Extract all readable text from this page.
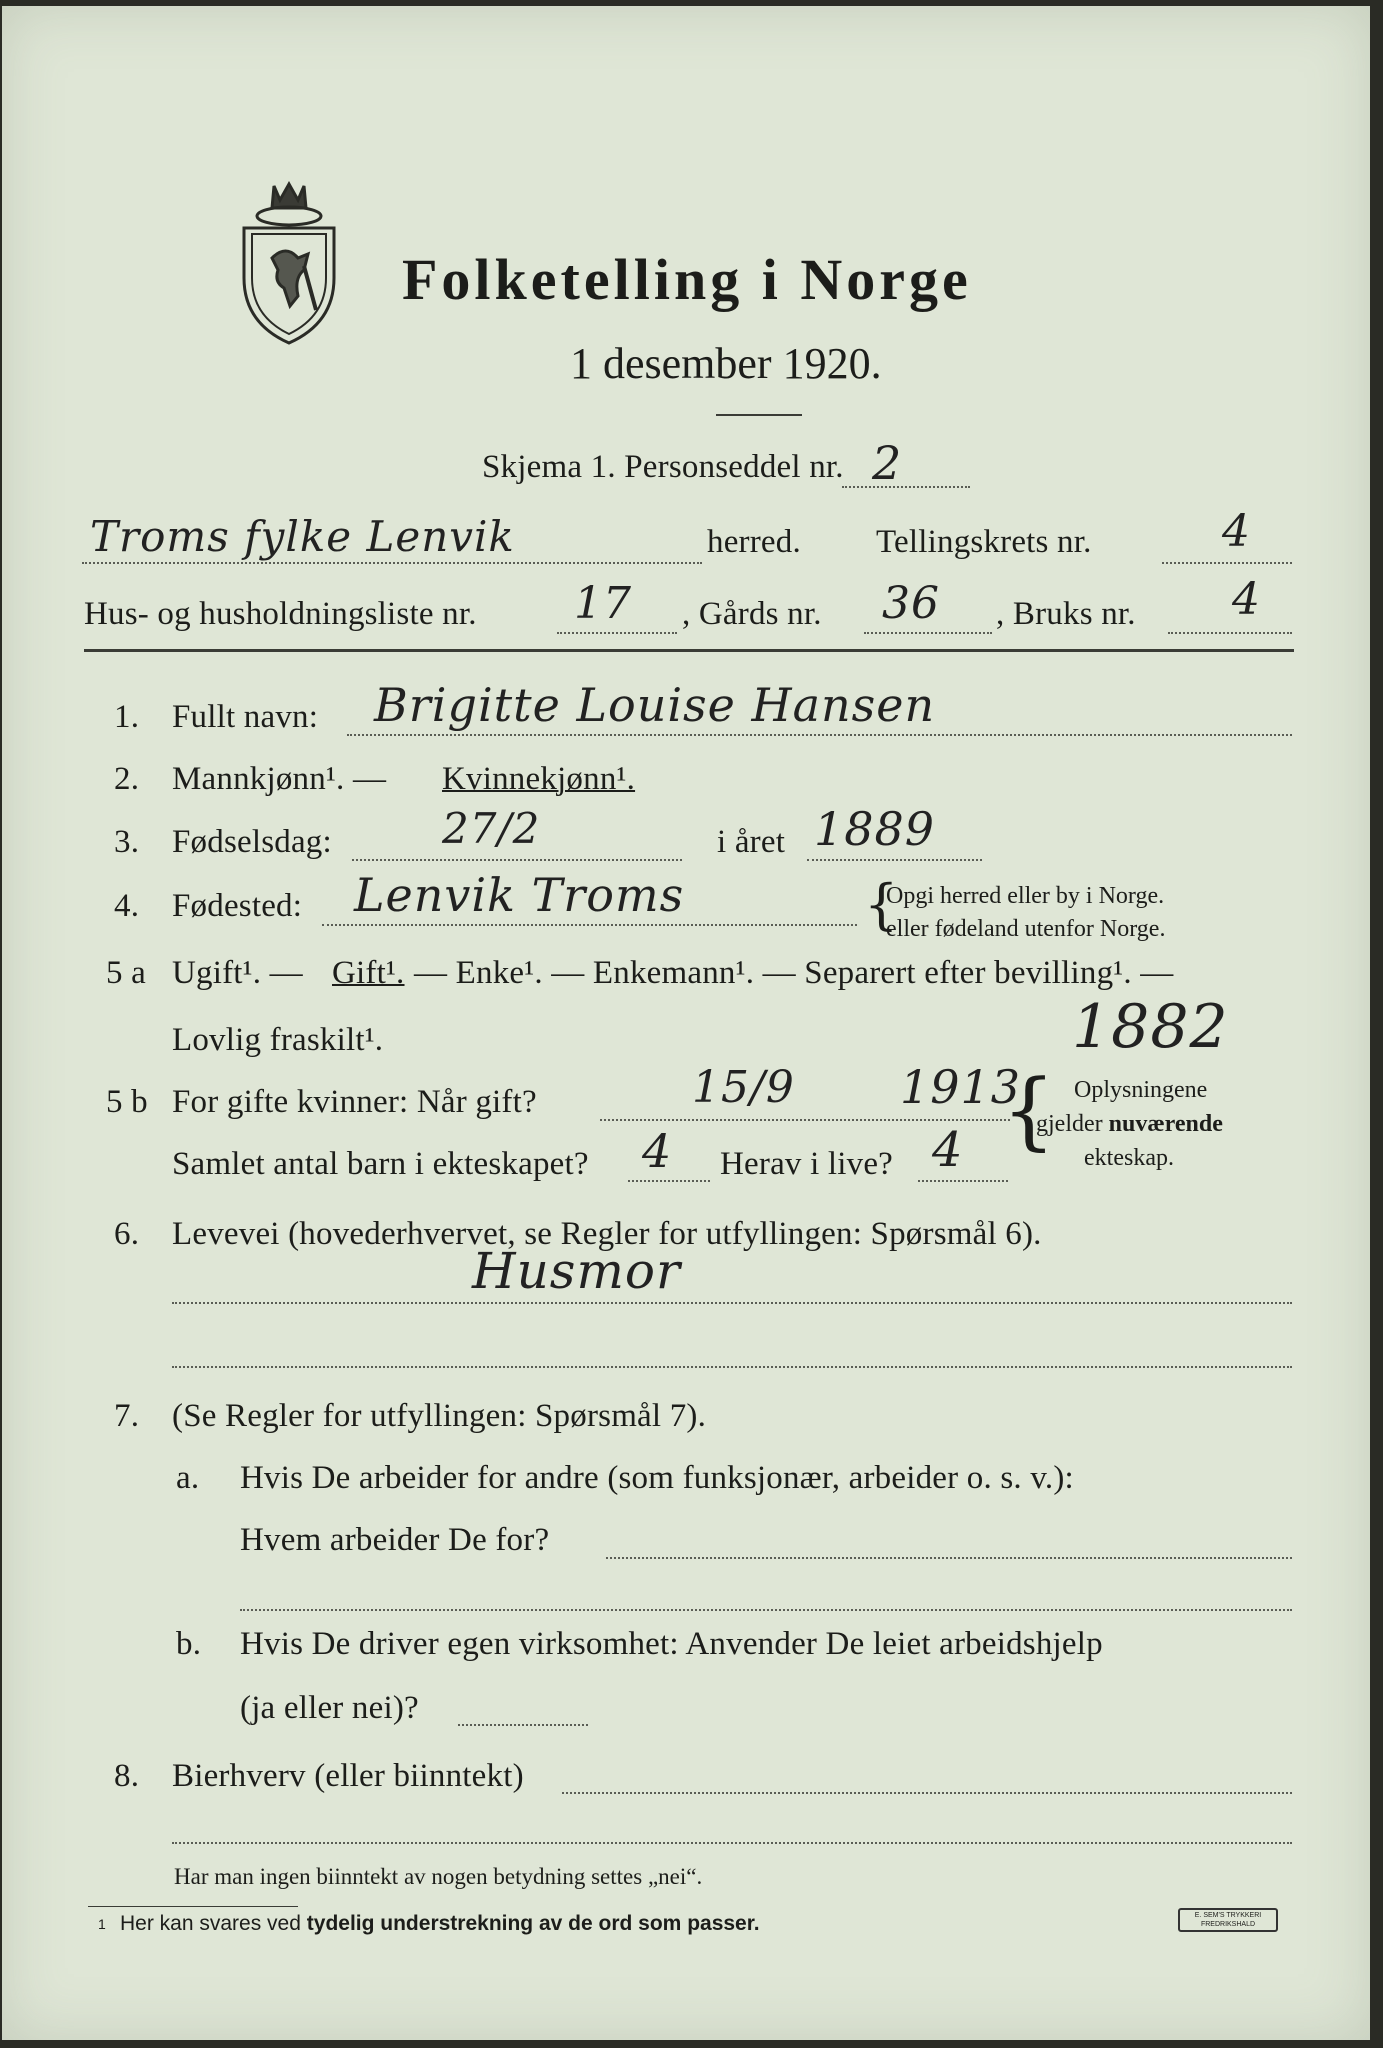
Folketelling i Norge
1 desember 1920.
Skjema 1. Personseddel nr. 2
Troms fylke Lenvik	herred. Tellingskrets nr.	4
Hus- og husholdningsliste nr. 17 , Gårds nr. 36 , Bruks nr. 4
1. Fullt navn: Brigitte Louise Hansen
2. Mannkjønn¹. — Kvinnekjønn¹.
3. Fødselsdag:	27/2	i året 1889
4. Fødested: Lenvik Troms	{
Opgi herred eller by i Norge.
eller fødeland utenfor Norge.
5 a Ugift¹. — Gift¹. — Enke¹. — Enkemann¹. — Separert efter bevilling¹. —
Lovlig fraskilt¹.	1882
5 b For gifte kvinner: Når gift?	15/9 1913
{ Oplysningene
gjelder nuværende
ekteskap.
Samlet antal barn i ekteskapet? 4 Herav i live? 4
6. Levevei (hovederhvervet, se Regler for utfyllingen: Spørsmål 6).
Husmor
7. (Se Regler for utfyllingen: Spørsmål 7).
a. Hvis De arbeider for andre (som funksjonær, arbeider o. s. v.):
Hvem arbeider De for?
b. Hvis De driver egen virksomhet: Anvender De leiet arbeidshjelp
(ja eller nei)?
8. Bierhverv (eller biinntekt)
Har man ingen biinntekt av nogen betydning settes „nei“.
1 Her kan svares ved tydelig understrekning av de ord som passer.	E. SEM'S TRYKKERI
FREDRIKSHALD
